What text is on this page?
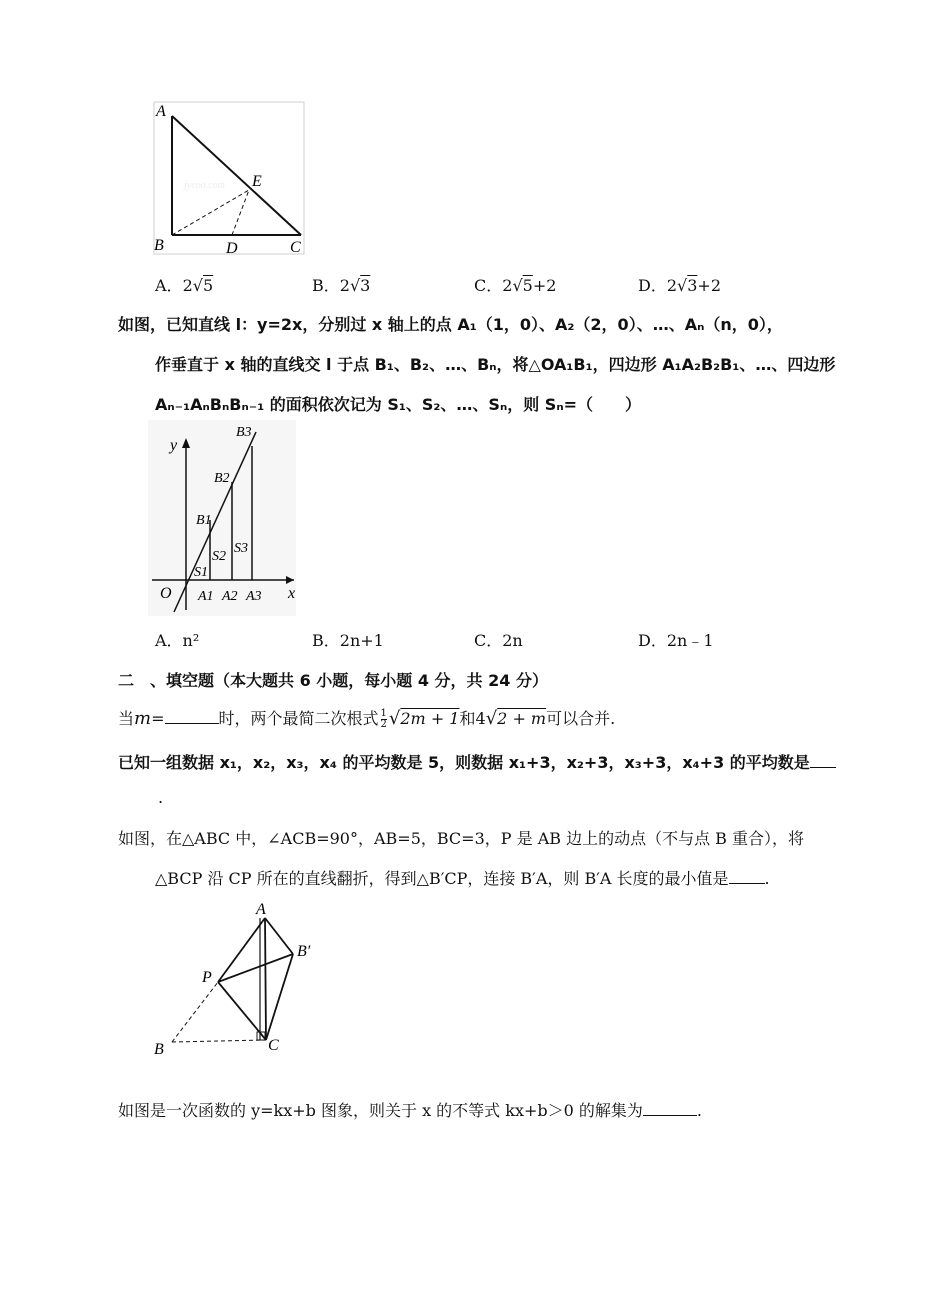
A
E
B	D	C
jyeoo.com
A．2√5	B．2√3	C．2√5+2	D．2√3+2
如图，已知直线 l：y=2x，分别过 x 轴上的点 A₁（1，0）、A₂（2，0）、…、Aₙ（n，0），
作垂直于 x 轴的直线交 l 于点 B₁、B₂、…、Bₙ，将△OA₁B₁，四边形 A₁A₂B₂B₁、…、四边形
Aₙ₋₁AₙBₙBₙ₋₁ 的面积依次记为 S₁、S₂、…、Sₙ，则 Sₙ=（　　）
y
x
O
B1
B2
B3
S1
S2
S3
A1 A2 A3
A．n²	B．2n+1	C．2n	D．2n﹣1
二　、填空题（本大题共 6 小题，每小题 4 分，共 24 分）
当m=	时，两个最简二次根式 $\frac{1}{2} √2m + 1$和4√2 + m可以合并.
已知一组数据 x₁，x₂，x₃，x₄ 的平均数是 5，则数据 x₁+3，x₂+3，x₃+3，x₄+3 的平均数是
.
如图，在△ABC 中，∠ACB=90°，AB=5，BC=3，P 是 AB 边上的动点（不与点 B 重合），将
△BCP 沿 CP 所在的直线翻折，得到△B′CP，连接 B′A，则 B′A 长度的最小值是 .
A
B′
P
C
B
如图是一次函数的 y=kx+b 图象，则关于 x 的不等式 kx+b＞0 的解集为	.
